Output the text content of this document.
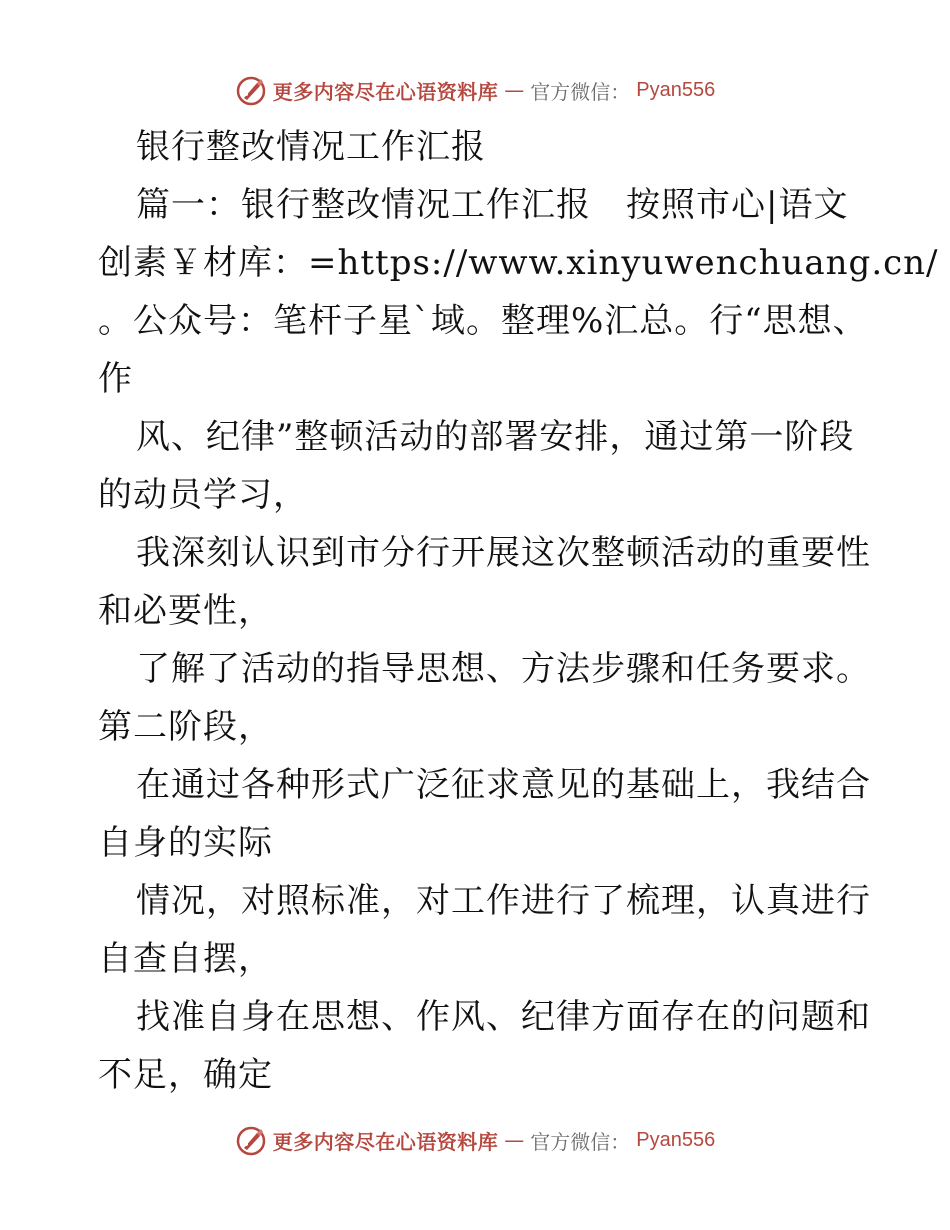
更多内容尽在心语资料库 — 官方微信： Pyan556
银行整改情况工作汇报
篇一：银行整改情况工作汇报　按照市心|语文
创素￥材库：=https://www.xinyuwenchuang.cn/
。公众号：笔杆子星`域。整理%汇总。行“思想、
作
风、纪律”整顿活动的部署安排，通过第一阶段
的动员学习，
我深刻认识到市分行开展这次整顿活动的重要性
和必要性，
了解了活动的指导思想、方法步骤和任务要求。
第二阶段，
在通过各种形式广泛征求意见的基础上，我结合
自身的实际
情况，对照标准，对工作进行了梳理，认真进行
自查自摆，
找准自身在思想、作风、纪律方面存在的问题和
不足，确定
更多内容尽在心语资料库 — 官方微信： Pyan556
